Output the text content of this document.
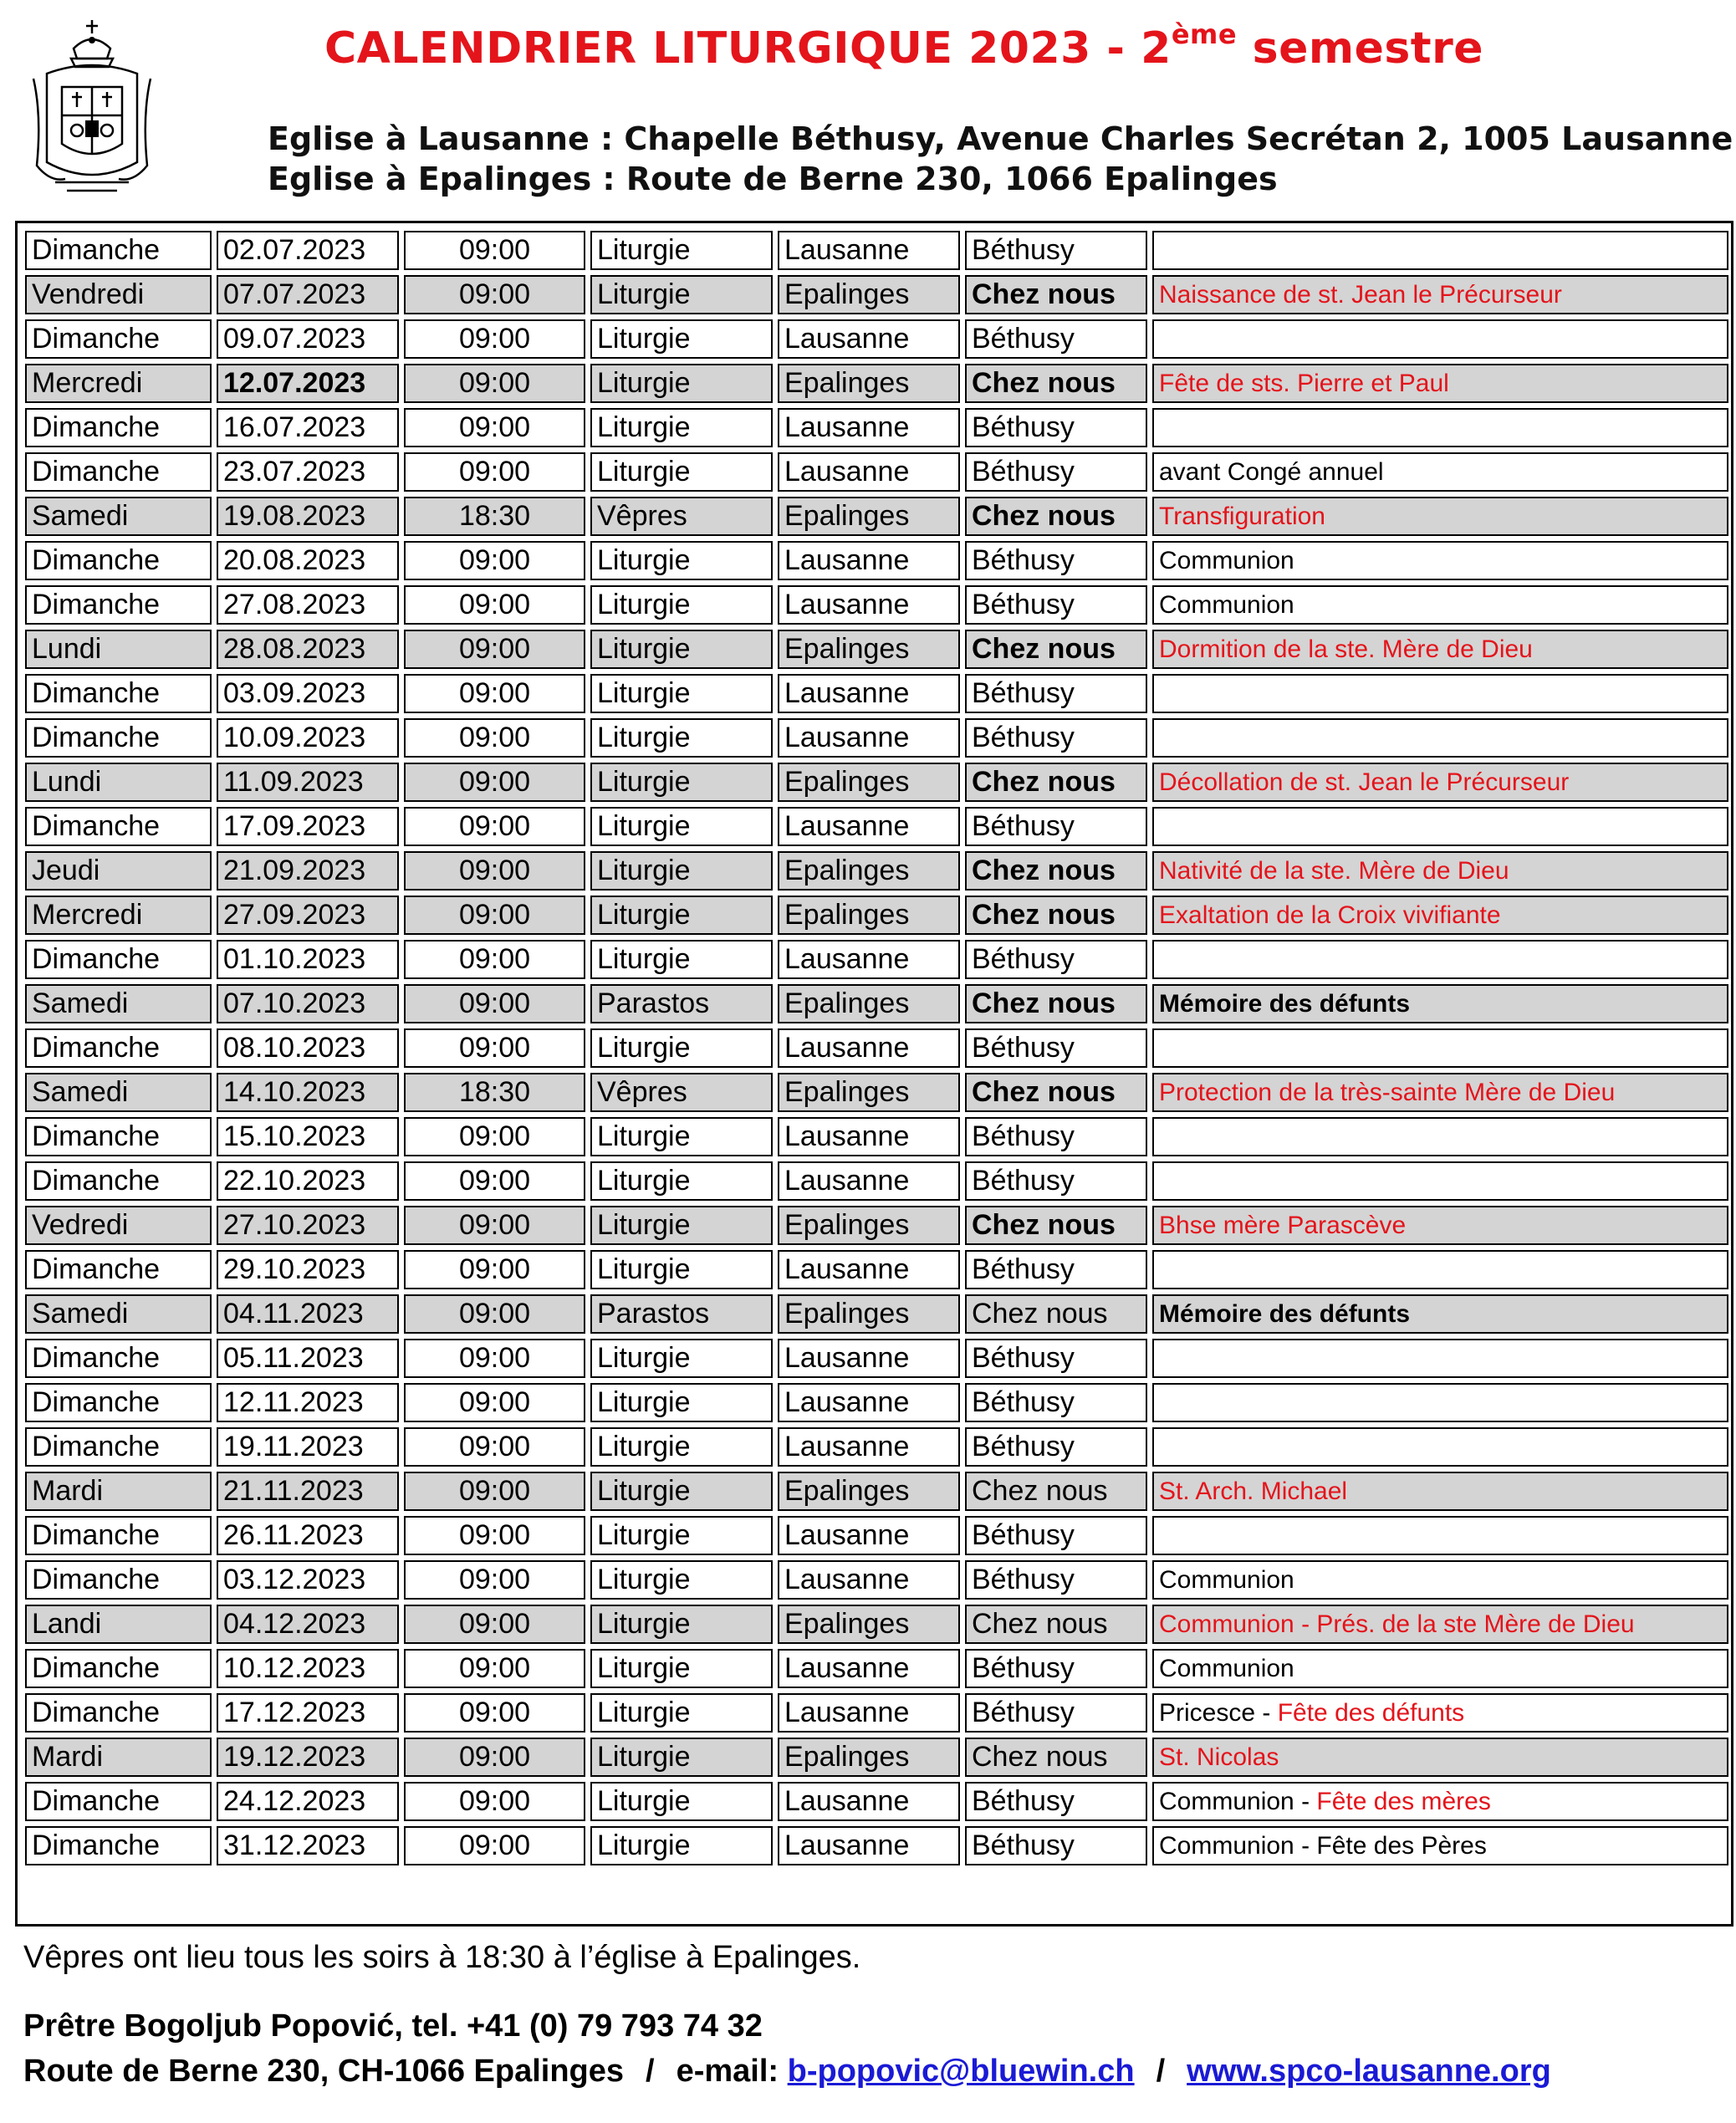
CALENDRIER LITURGIQUE 2023 - 2ème semestre
Eglise à Lausanne : Chapelle Béthusy, Avenue Charles Secrétan 2, 1005 Lausanne
Eglise à Epalinges : Route de Berne 230, 1066 Epalinges
Dimanche	02.07.2023	09:00	Liturgie	Lausanne	Béthusy	
Vendredi	07.07.2023	09:00	Liturgie	Epalinges	Chez nous	Naissance de st. Jean le Précurseur
Dimanche	09.07.2023	09:00	Liturgie	Lausanne	Béthusy	
Mercredi	12.07.2023	09:00	Liturgie	Epalinges	Chez nous	Fête de sts. Pierre et Paul
Dimanche	16.07.2023	09:00	Liturgie	Lausanne	Béthusy	
Dimanche	23.07.2023	09:00	Liturgie	Lausanne	Béthusy	avant Congé annuel
Samedi	19.08.2023	18:30	Vêpres	Epalinges	Chez nous	Transfiguration
Dimanche	20.08.2023	09:00	Liturgie	Lausanne	Béthusy	Communion
Dimanche	27.08.2023	09:00	Liturgie	Lausanne	Béthusy	Communion
Lundi	28.08.2023	09:00	Liturgie	Epalinges	Chez nous	Dormition de la ste. Mère de Dieu
Dimanche	03.09.2023	09:00	Liturgie	Lausanne	Béthusy	
Dimanche	10.09.2023	09:00	Liturgie	Lausanne	Béthusy	
Lundi	11.09.2023	09:00	Liturgie	Epalinges	Chez nous	Décollation de st. Jean le Précurseur
Dimanche	17.09.2023	09:00	Liturgie	Lausanne	Béthusy	
Jeudi	21.09.2023	09:00	Liturgie	Epalinges	Chez nous	Nativité de la ste. Mère de Dieu
Mercredi	27.09.2023	09:00	Liturgie	Epalinges	Chez nous	Exaltation de la Croix vivifiante
Dimanche	01.10.2023	09:00	Liturgie	Lausanne	Béthusy	
Samedi	07.10.2023	09:00	Parastos	Epalinges	Chez nous	Mémoire des défunts
Dimanche	08.10.2023	09:00	Liturgie	Lausanne	Béthusy	
Samedi	14.10.2023	18:30	Vêpres	Epalinges	Chez nous	Protection de la très-sainte Mère de Dieu
Dimanche	15.10.2023	09:00	Liturgie	Lausanne	Béthusy	
Dimanche	22.10.2023	09:00	Liturgie	Lausanne	Béthusy	
Vedredi	27.10.2023	09:00	Liturgie	Epalinges	Chez nous	Bhse mère Parascève
Dimanche	29.10.2023	09:00	Liturgie	Lausanne	Béthusy	
Samedi	04.11.2023	09:00	Parastos	Epalinges	Chez nous	Mémoire des défunts
Dimanche	05.11.2023	09:00	Liturgie	Lausanne	Béthusy	
Dimanche	12.11.2023	09:00	Liturgie	Lausanne	Béthusy	
Dimanche	19.11.2023	09:00	Liturgie	Lausanne	Béthusy	
Mardi	21.11.2023	09:00	Liturgie	Epalinges	Chez nous	St. Arch. Michael
Dimanche	26.11.2023	09:00	Liturgie	Lausanne	Béthusy	
Dimanche	03.12.2023	09:00	Liturgie	Lausanne	Béthusy	Communion
Landi	04.12.2023	09:00	Liturgie	Epalinges	Chez nous	Communion - Prés. de la ste Mère de Dieu
Dimanche	10.12.2023	09:00	Liturgie	Lausanne	Béthusy	Communion
Dimanche	17.12.2023	09:00	Liturgie	Lausanne	Béthusy	Pricesce - Fête des défunts
Mardi	19.12.2023	09:00	Liturgie	Epalinges	Chez nous	St. Nicolas
Dimanche	24.12.2023	09:00	Liturgie	Lausanne	Béthusy	Communion - Fête des mères
Dimanche	31.12.2023	09:00	Liturgie	Lausanne	Béthusy	Communion - Fête des Pères
Vêpres ont lieu tous les soirs à 18:30 à l’église à Epalinges.
Prêtre Bogoljub Popović, tel. +41 (0) 79 793 74 32
Route de Berne 230, CH-1066 Epalinges / e-mail: b-popovic@bluewin.ch / www.spco-lausanne.org
